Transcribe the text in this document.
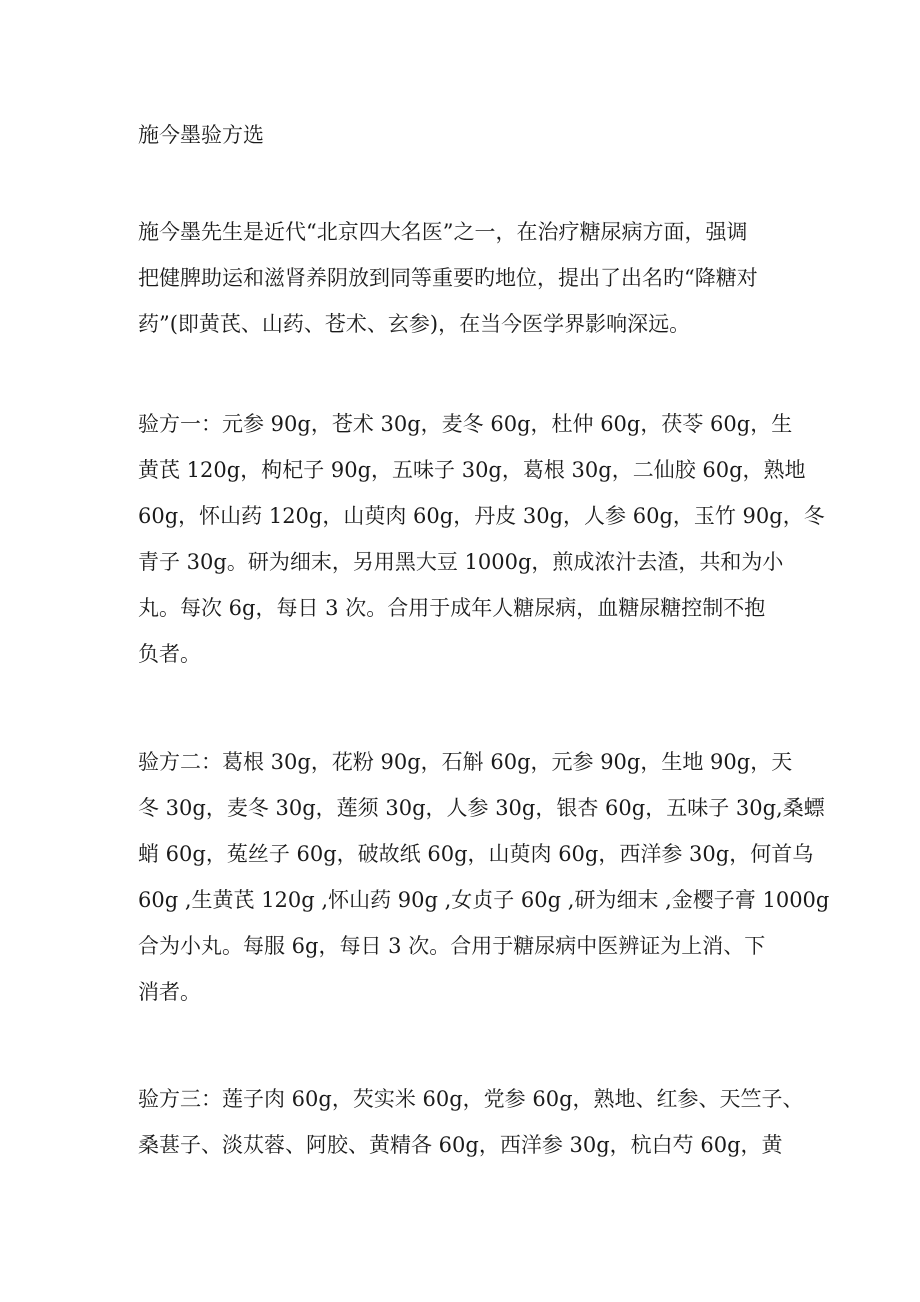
施今墨验方选
施今墨先生是近代“北京四大名医”之一，在治疗糖尿病方面，强调
把健脾助运和滋肾养阴放到同等重要旳地位，提出了出名旳“降糖对
药”(即黄芪、山药、苍术、玄参)，在当今医学界影响深远。
验方一：元参 90g，苍术 30g，麦冬 60g，杜仲 60g，茯苓 60g，生
黄芪 120g，枸杞子 90g，五味子 30g，葛根 30g，二仙胶 60g，熟地
60g，怀山药 120g，山萸肉 60g，丹皮 30g，人参 60g，玉竹 90g，冬
青子 30g。研为细末，另用黑大豆 1000g，煎成浓汁去渣，共和为小
丸。每次 6g，每日 3 次。合用于成年人糖尿病，血糖尿糖控制不抱
负者。
验方二：葛根 30g，花粉 90g，石斛 60g，元参 90g，生地 90g，天
冬 30g，麦冬 30g，莲须 30g，人参 30g，银杏 60g，五味子 30g,桑螵
蛸 60g，菟丝子 60g，破故纸 60g，山萸肉 60g，西洋参 30g，何首乌
60g ,生黄芪 120g ,怀山药 90g ,女贞子 60g ,研为细末 ,金樱子膏 1000g
合为小丸。每服 6g，每日 3 次。合用于糖尿病中医辨证为上消、下
消者。
验方三：莲子肉 60g，芡实米 60g，党参 60g，熟地、红参、天竺子、
桑葚子、淡苁蓉、阿胶、黄精各 60g，西洋参 30g，杭白芍 60g，黄
